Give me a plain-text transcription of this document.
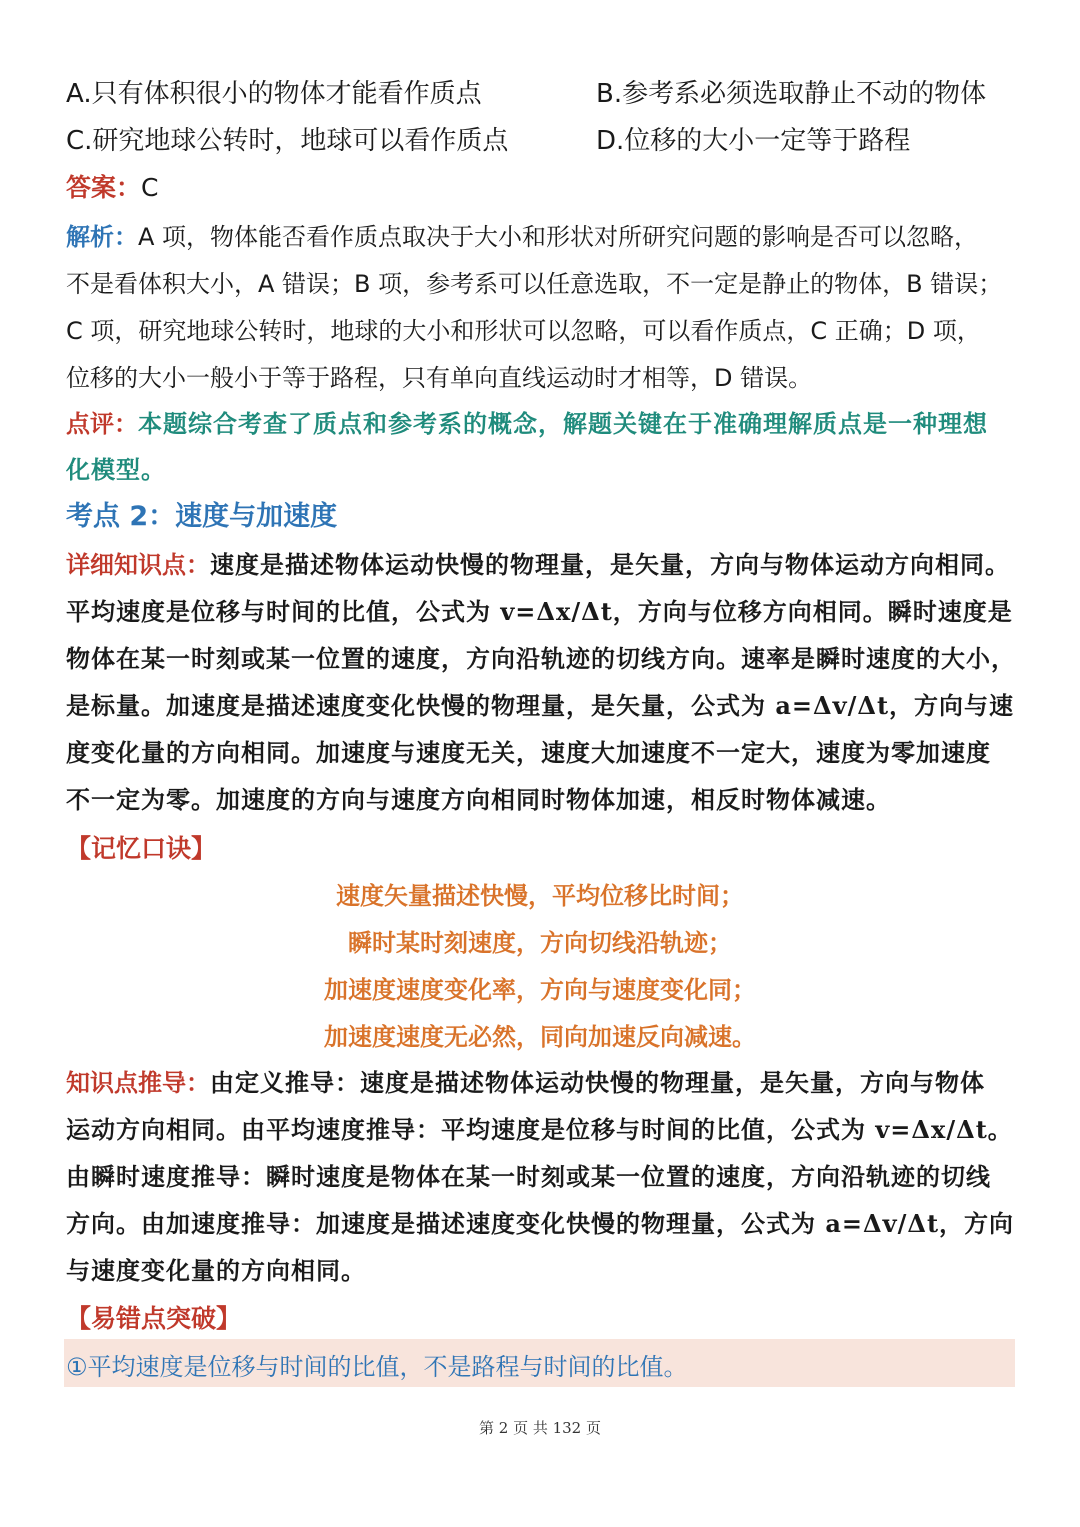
A.只有体积很小的物体才能看作质点	B.参考系必须选取静止不动的物体
C.研究地球公转时，地球可以看作质点	D.位移的大小一定等于路程
答案：C
解析：A 项，物体能否看作质点取决于大小和形状对所研究问题的影响是否可以忽略，
不是看体积大小，A 错误；B 项，参考系可以任意选取，不一定是静止的物体，B 错误；
C 项，研究地球公转时，地球的大小和形状可以忽略，可以看作质点，C 正确；D 项，
位移的大小一般小于等于路程，只有单向直线运动时才相等，D 错误。
点评：本题综合考查了质点和参考系的概念，解题关键在于准确理解质点是一种理想
化模型。
考点 2：速度与加速度
详细知识点：速度是描述物体运动快慢的物理量，是矢量，方向与物体运动方向相同。
平均速度是位移与时间的比值，公式为 v=Δx/Δt，方向与位移方向相同。瞬时速度是
物体在某一时刻或某一位置的速度，方向沿轨迹的切线方向。速率是瞬时速度的大小，
是标量。加速度是描述速度变化快慢的物理量，是矢量，公式为 a=Δv/Δt，方向与速
度变化量的方向相同。加速度与速度无关，速度大加速度不一定大，速度为零加速度
不一定为零。加速度的方向与速度方向相同时物体加速，相反时物体减速。
【记忆口诀】
速度矢量描述快慢，平均位移比时间；
瞬时某时刻速度，方向切线沿轨迹；
加速度速度变化率，方向与速度变化同；
加速度速度无必然，同向加速反向减速。
知识点推导：由定义推导：速度是描述物体运动快慢的物理量，是矢量，方向与物体
运动方向相同。由平均速度推导：平均速度是位移与时间的比值，公式为 v=Δx/Δt。
由瞬时速度推导：瞬时速度是物体在某一时刻或某一位置的速度，方向沿轨迹的切线
方向。由加速度推导：加速度是描述速度变化快慢的物理量，公式为 a=Δv/Δt，方向
与速度变化量的方向相同。
【易错点突破】
①平均速度是位移与时间的比值，不是路程与时间的比值。
第 2 页 共 132 页
